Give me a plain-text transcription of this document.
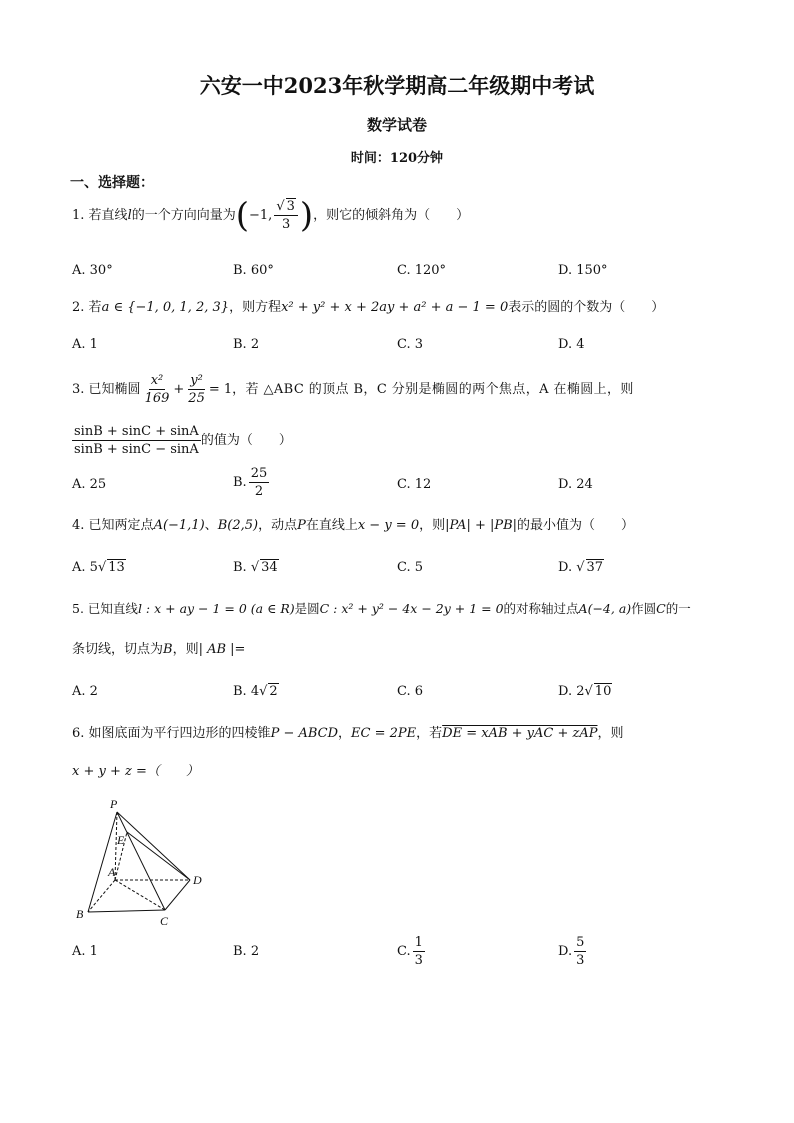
六安一中2023年秋学期高二年级期中考试
数学试卷
时间：120分钟
一、选择题：
1. 若直线l的一个方向向量为(−1, $\frac{√ 3}{3}$ )，则它的倾斜角为（　　）
A. 30°	B. 60°	C. 120°	D. 150°
2. 若a ∈ {−1, 0, 1, 2, 3}，则方程x² + y² + x + 2ay + a² + a − 1 = 0表示的圆的个数为（　　）
A. 1	B. 2	C. 3	D. 4
3. 已知椭圆 $\frac{\text{x²}}{169} + \frac{\text{y²}}{25} = 1$，若 △ABC 的顶点 B，C 分别是椭圆的两个焦点，A 在椭圆上，则
$\frac{\sin B + \sin C + \sin A}{\sin B + \sin C - \sin A}$ 的值为（　　）
A. 25	B. $\frac{25}{2}$	C. 12	D. 24
4. 已知两定点A(−1,1)、B(2,5)，动点P在直线上x − y = 0，则|PA| + |PB|的最小值为（　　）
A. 5√ 13	B. √ 34	C. 5	D. √ 37
5. 已知直线l : x + ay − 1 = 0 (a ∈ R)是圆C : x² + y² − 4x − 2y + 1 = 0的对称轴过点A(−4, a)作圆C的一
条切线，切点为B，则| AB |=
A. 2	B. 4√ 2	C. 6	D. 2√ 10
6. 如图底面为平行四边形的四棱锥P − ABCD，EC = 2PE，若DE = xAB + yAC + zAP，则
x + y + z =（　　）
P
E
A
D
B	C
A. 1	B. 2	C. $\frac{1}{3}$	D. $\frac{5}{3}$
